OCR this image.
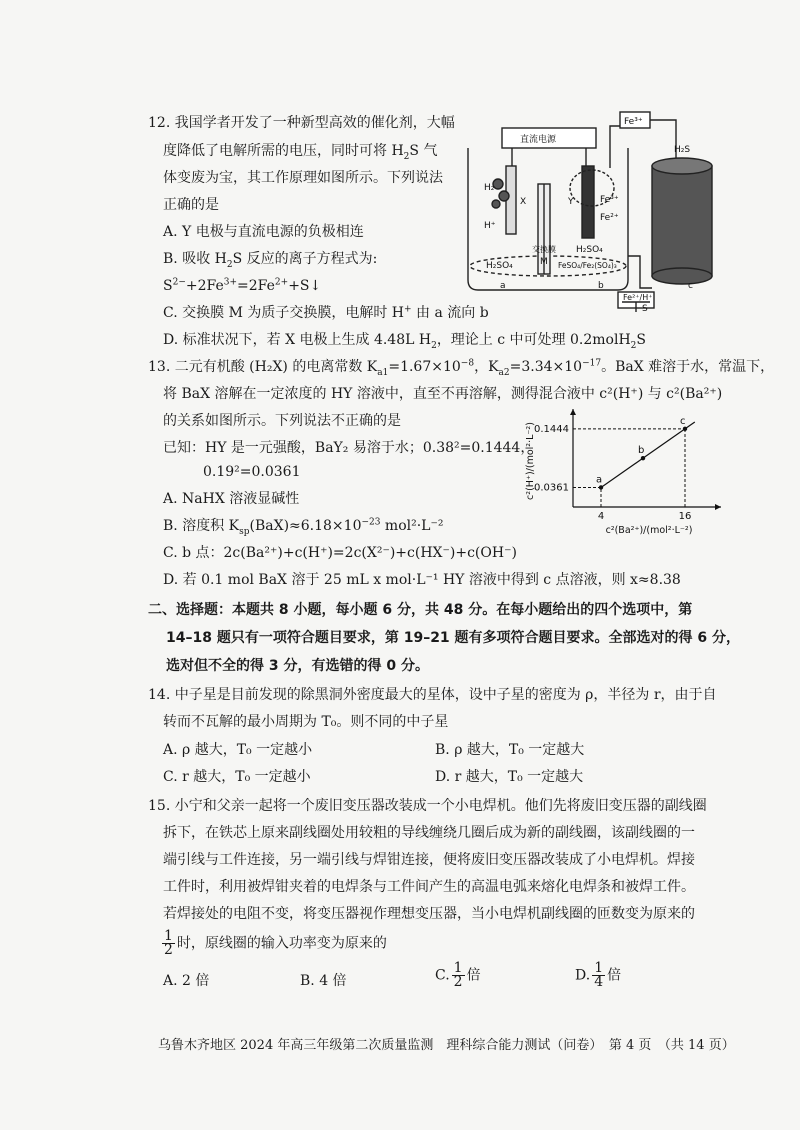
12. 我国学者开发了一种新型高效的催化剂，大幅
度降低了电解所需的电压，同时可将 $H_2S$ 气
体变废为宝，其工作原理如图所示。下列说法
正确的是
A. Y 电极与直流电源的负极相连
B. 吸收 $H_2S$ 反应的离子方程式为:
$S^{2-}+2Fe^{3+}=2Fe^{2+}+S↓$
C. 交换膜 M 为质子交换膜，电解时 H+ 由 a 流向 b
D. 标准状况下，若 X 电极上生成 4.48L $H_2$，理论上 c 中可处理 0.2molH$_2$S
直流电源
Fe³⁺
H₂S
H₂
X
H⁺
交换膜
M
Y	Fe³⁺
Fe²⁺
H₂SO₄
H₂SO₄
FeSO₄/Fe₂(SO₄)₃
Fe²⁺/H⁺
S
a	b	c
13. 二元有机酸 (H₂X) 的电离常数 $K_{a1}=1.67\times 10^{-8}$，$K_{a2}=3.34\times 10^{-17}$。BaX 难溶于水，常温下，
将 BaX 溶解在一定浓度的 HY 溶液中，直至不再溶解，测得混合液中 c²(H⁺) 与 c²(Ba²⁺)
的关系如图所示。下列说法不正确的是
已知：HY 是一元强酸，BaY₂ 易溶于水；0.38²=0.1444，
0.19²=0.0361
A. NaHX 溶液显碱性
B. 溶度积 $K_{sp}(BaX)\approx 6.18\times 10^{-23}$ mol²·L⁻²
C. b 点：2c(Ba²⁺)+c(H⁺)=2c(X²⁻)+c(HX⁻)+c(OH⁻)
D. 若 0.1 mol BaX 溶于 25 mL x mol·L⁻¹ HY 溶液中得到 c 点溶液，则 x≈8.38
a
b
c
0.0361
0.1444
4	16
c²(Ba²⁺)/(mol²·L⁻²)
c²(H⁺)/(mol²·L⁻²)
二、选择题：本题共 8 小题，每小题 6 分，共 48 分。在每小题给出的四个选项中，第
14–18 题只有一项符合题目要求，第 19–21 题有多项符合题目要求。全部选对的得 6 分，
选对但不全的得 3 分，有选错的得 0 分。
14. 中子星是目前发现的除黑洞外密度最大的星体，设中子星的密度为 ρ，半径为 r，由于自
转而不瓦解的最小周期为 T₀。则不同的中子星
A. ρ 越大，T₀ 一定越小	B. ρ 越大，T₀ 一定越大
C. r 越大，T₀ 一定越小	D. r 越大，T₀ 一定越大
15. 小宁和父亲一起将一个废旧变压器改装成一个小电焊机。他们先将废旧变压器的副线圈
拆下，在铁芯上原来副线圈处用较粗的导线缠绕几圈后成为新的副线圈，该副线圈的一
端引线与工件连接，另一端引线与焊钳连接，便将废旧变压器改装成了小电焊机。焊接
工件时，利用被焊钳夹着的电焊条与工件间产生的高温电弧来熔化电焊条和被焊工件。
若焊接处的电阻不变，将变压器视作理想变压器，当小电焊机副线圈的匝数变为原来的
$\frac{1}{2}$ 时，原线圈的输入功率变为原来的
A. 2 倍	B. 4 倍	C. $\frac{1}{2}$ 倍	D. $\frac{1}{4}$ 倍
乌鲁木齐地区 2024 年高三年级第二次质量监测　理科综合能力测试（问卷）　第 4 页　（共 14 页）
